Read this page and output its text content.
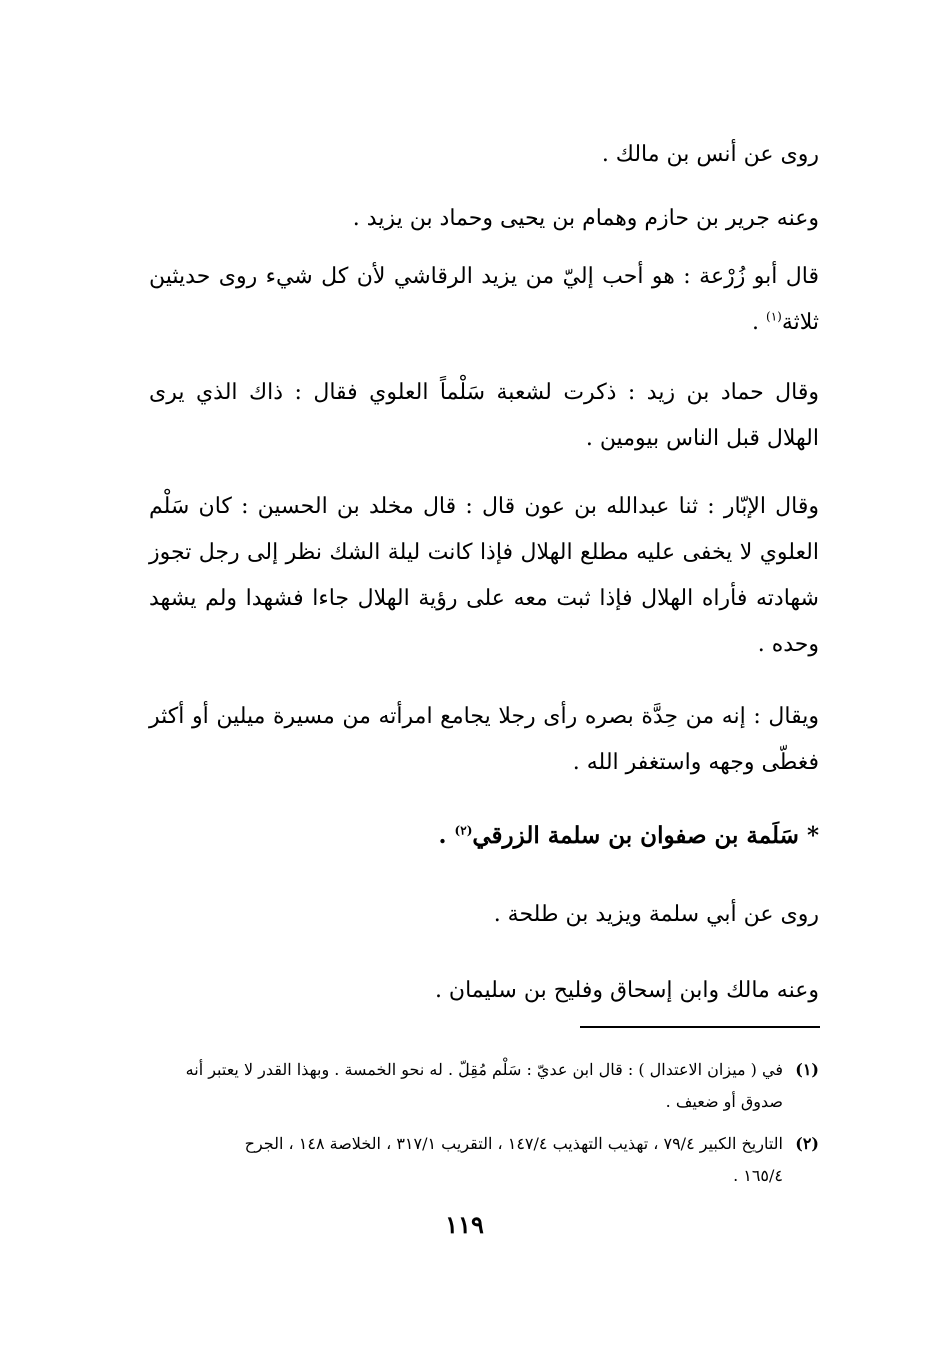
روى عن أنس بن مالك .
وعنه جرير بن حازم وهمام بن يحيى وحماد بن يزيد .
قال أبو زُرْعة : هو أحب إليّ من يزيد الرقاشي لأن كل شيء روى حديثين ثلاثة$^{(١)}$ .
وقال حماد بن زيد : ذكرت لشعبة سَلْماً العلوي فقال : ذاك الذي يرى الهلال قبل الناس بيومين .
وقال الإبّار : ثنا عبدالله بن عون قال : قال مخلد بن الحسين : كان سَلْم العلوي لا يخفى عليه مطلع الهلال فإذا كانت ليلة الشك نظر إلى رجل تجوز شهادته فأراه الهلال فإذا ثبت معه على رؤية الهلال جاءا فشهدا ولم يشهد وحده .
ويقال : إنه من حِدَّة بصره رأى رجلا يجامع امرأته من مسيرة ميلين أو أكثر فغطّى وجهه واستغفر الله .
* سَلَمة بن صفوان بن سلمة الزرقي$^{(٢)}$ .
روى عن أبي سلمة ويزيد بن طلحة .
وعنه مالك وابن إسحاق وفليح بن سليمان .
(١)في ( ميزان الاعتدال ) : قال ابن عديّ : سَلْم مُقِلّ . له نحو الخمسة . وبهذا القدر لا يعتبر أنه
صدوق أو ضعيف .
(٢)التاريخ الكبير ٧٩/٤ ، تهذيب التهذيب ١٤٧/٤ ، التقريب ٣١٧/١ ، الخلاصة ١٤٨ ، الجرح
١٦٥/٤ .
١١٩
